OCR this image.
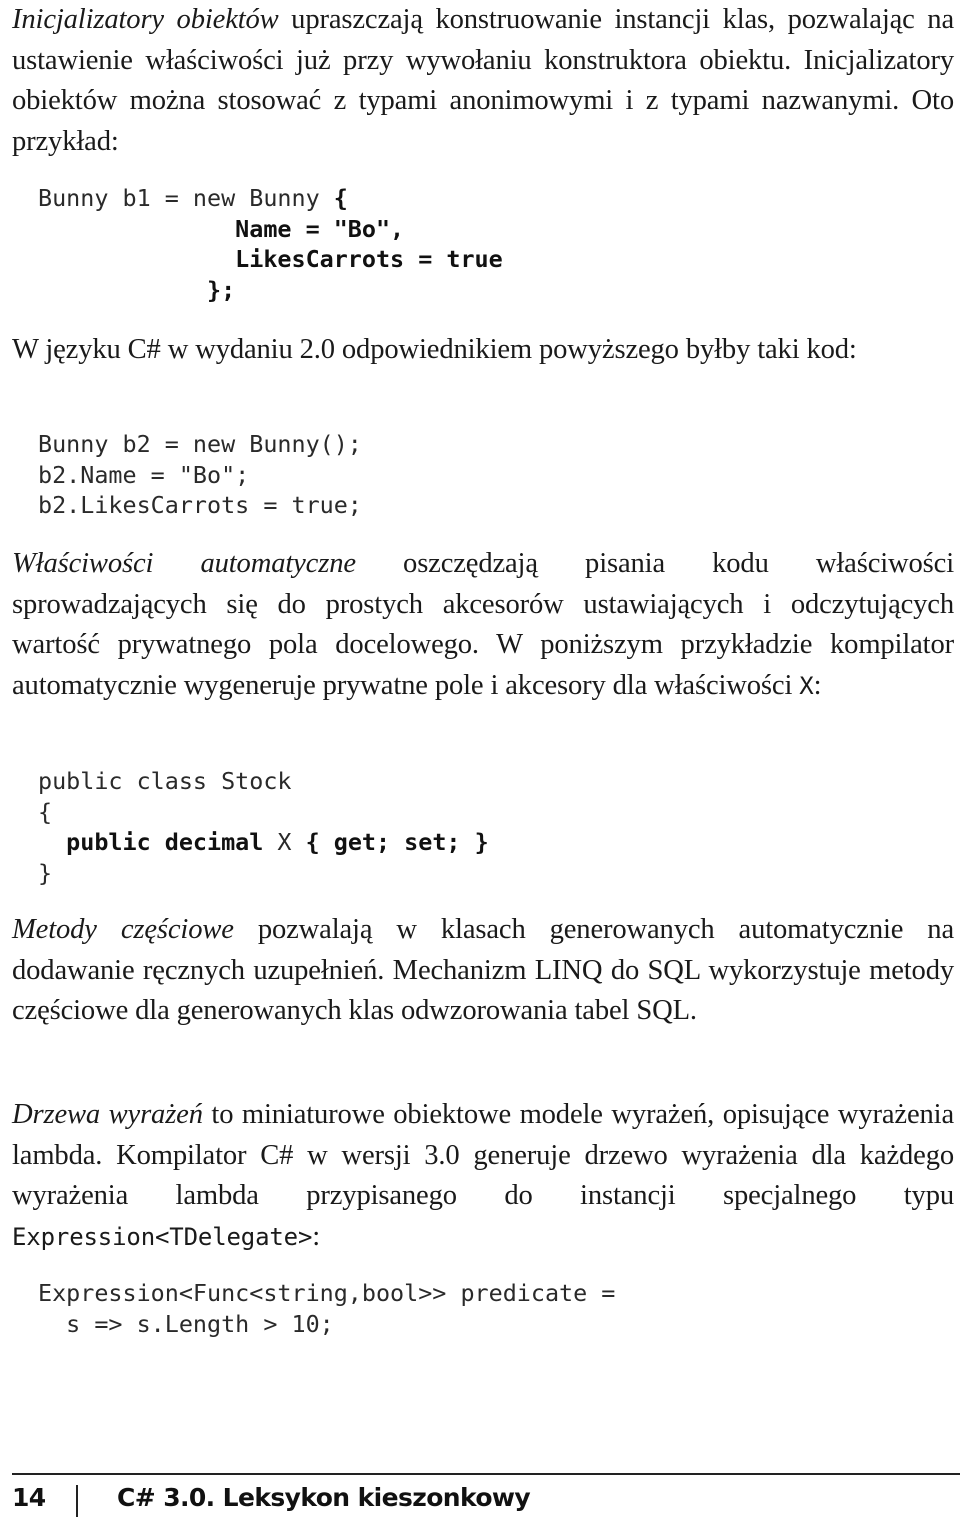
Inicjalizatory obiektów upraszczają konstruowanie instancji klas, pozwalając na ustawienie właściwości już przy wywołaniu konstruktora obiektu. Inicjalizatory obiektów można stosować z typami anonimowymi i z typami nazwanymi. Oto przykład:

Bunny b1 = new Bunny {
Name = "Bo",
LikesCarrots = true
};

W języku C# w wydaniu 2.0 odpowiednikiem powyższego byłby taki kod:

Bunny b2 = new Bunny();
b2.Name = "Bo";
b2.LikesCarrots = true;

Właściwości automatyczne oszczędzają pisania kodu właściwości sprowadzających się do prostych akcesorów ustawiających i odczytujących wartość prywatnego pola docelowego. W poniższym przykładzie kompilator automatycznie wygeneruje prywatne pole i akcesory dla właściwości X:

public class Stock
{
public decimal X { get; set; }
}

Metody częściowe pozwalają w klasach generowanych automatycznie na dodawanie ręcznych uzupełnień. Mechanizm LINQ do SQL wykorzystuje metody częściowe dla generowanych klas odwzorowania tabel SQL.

Drzewa wyrażeń to miniaturowe obiektowe modele wyrażeń, opisujące wyrażenia lambda. Kompilator C# w wersji 3.0 generuje drzewo wyrażenia dla każdego wyrażenia lambda przypisanego do instancji specjalnego typu Expression<TDelegate>:

Expression<Func<string,bool>> predicate =
s => s.Length > 10;
14	C# 3.0. Leksykon kieszonkowy
